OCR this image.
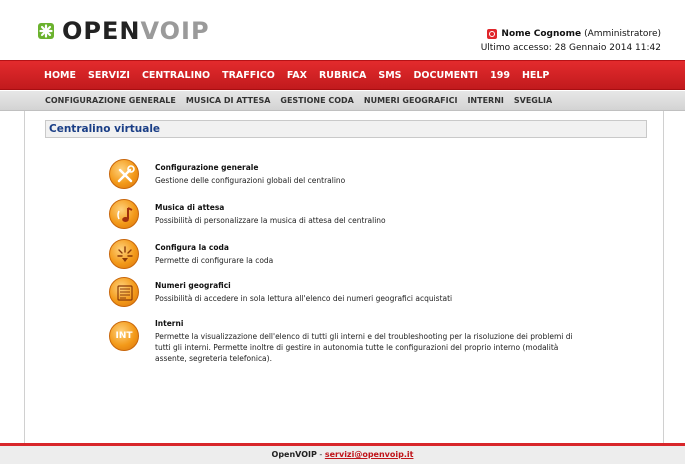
OPEN VOIP	Nome Cognome (Amministratore)
Ultimo accesso: 28 Gennaio 2014 11:42
HOME SERVIZI CENTRALINO TRAFFICO FAX RUBRICA SMS DOCUMENTI 199 HELP
CONFIGURAZIONE GENERALE MUSICA DI ATTESA GESTIONE CODA NUMERI GEOGRAFICI INTERNI SVEGLIA
Centralino virtuale
Configurazione generale
Gestione delle configurazioni globali del centralino
Musica di attesa
Possibilità di personalizzare la musica di attesa del centralino
Configura la coda
Permette di configurare la coda
Numeri geografici
Possibilità di accedere in sola lettura all'elenco dei numeri geografici acquistati
INT
Interni
Permette la visualizzazione dell'elenco di tutti gli interni e del troubleshooting per la risoluzione dei problemi di tutti gli interni. Permette inoltre di gestire in autonomia tutte le configurazioni del proprio interno (modalità assente, segreteria telefonica).
OpenVOIP - servizi@openvoip.it
